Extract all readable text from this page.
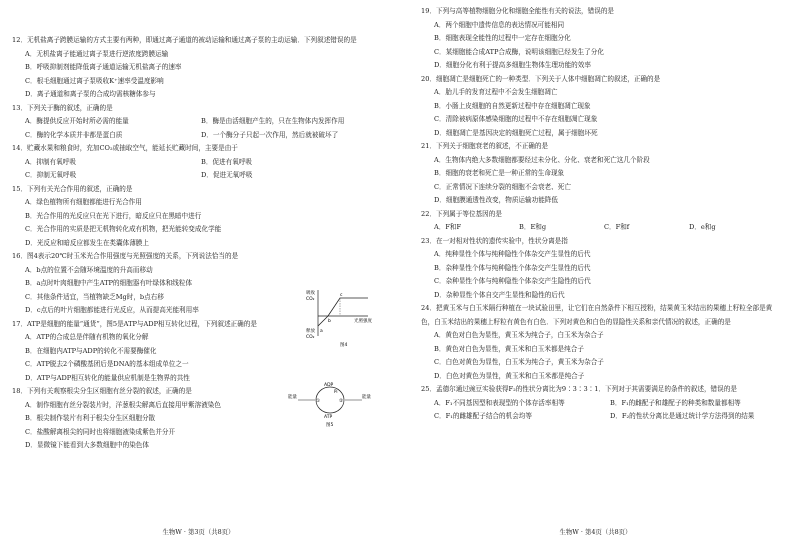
12．无机盐离子跨膜运输的方式主要有两种，即通过离子通道的被动运输和通过离子泵的主动运输．下列叙述错误的是
A．无机盐离子能通过离子泵进行逆浓度跨膜运输
B．呼吸抑制剂能降低离子通道运输无机盐离子的速率
C．根毛细胞通过离子泵吸收K⁺速率受温度影响
D．离子通道和离子泵的合成均需核糖体参与
13．下列关于酶的叙述，正确的是
A．酶提供反应开始时所必需的能量	B．酶是由活细胞产生的，只在生物体内发挥作用
C．酶的化学本质并非都是蛋白质	D．一个酶分子只起一次作用，然后就被破坏了
14．贮藏水果和粮食时，充加CO₂或抽取空气，能延长贮藏时间，主要是由于
A．抑制有氧呼吸	B．促进有氧呼吸
C．抑制无氧呼吸	D．促进无氧呼吸
15．下列有关光合作用的叙述，正确的是
A．绿色植物所有细胞都能进行光合作用
B．光合作用的光反应只在光下进行，暗反应只在黑暗中进行
C．光合作用的实质是把无机物转化成有机物，把光能转变成化学能
D．光反应和暗反应都发生在类囊体薄膜上
16．图4表示20℃时玉米光合作用强度与光照强度的关系，下列说法恰当的是
A．b点的位置不会随环境温度的升高而移动
B．a点时叶肉细胞中产生ATP的细胞器有叶绿体和线粒体
C．其他条件适宜，当植物缺乏Mg时，b点右移
D．c点后的叶片细胞都能进行光反应，从而提高光能利用率
17．ATP是细胞的能量“通货”，图5是ATP与ADP相互转化过程，下列叙述正确的是
A．ATP的合成总是伴随有机物的氧化分解
B．在细胞内ATP与ADP的转化不需要酶催化
C．ATP脱去2个磷酸基团后是DNA的基本组成单位之一
D．ATP与ADP相互转化的能量供应机制是生物界的共性
18．下列有关观察根尖分生区细胞有丝分裂的叙述，正确的是
A．制作细胞有丝分裂装片时，洋葱根尖解离后直接用甲紫溶液染色
B．根尖制作装片有利于根尖分生区细胞分散
C．盐酸解离根尖的同时也将细胞液染成紫色并分开
D．显微镜下能看到大多数细胞中的染色体
吸收
CO₂
释放
CO₂
光照强度
a
b
c
图4
ADP
ATP
①	②
Pi
能量	能量
图5
生物W · 第3页（共8页）
19．下列与高等植物细胞分化和细胞全能性有关的说法，错误的是
A．两个细胞中遗传信息的表达情况可能相同
B．细胞表现全能性的过程中一定存在细胞分化
C．某细胞能合成ATP合成酶，说明该细胞已经发生了分化
D．细胞分化有利于提高多细胞生物体生理功能的效率
20．细胞凋亡是细胞死亡的一种类型．下列关于人体中细胞凋亡的叙述，正确的是
A．胎儿手的发育过程中不会发生细胞凋亡
B．小肠上皮细胞的自然更新过程中存在细胞凋亡现象
C．清除被病原体感染细胞的过程中不存在细胞凋亡现象
D．细胞凋亡是基因决定的细胞死亡过程，属于细胞坏死
21．下列关于细胞衰老的叙述，不正确的是
A．生物体内绝大多数细胞都要经过未分化、分化、衰老和死亡这几个阶段
B．细胞的衰老和死亡是一种正常的生命现象
C．正常情况下连续分裂的细胞不会衰老、死亡
D．细胞膜通透性改变，物质运输功能降低
22．下列属于等位基因的是
A．F和F	B．E和g	C．F和f	D．e和g
23．在一对相对性状的遗传实验中，性状分离是指
A．纯种显性个体与纯种隐性个体杂交产生显性的后代
B．杂种显性个体与纯种隐性个体杂交产生显性的后代
C．杂种显性个体与纯种隐性个体杂交产生隐性的后代
D．杂种显性个体自交产生显性和隐性的后代
24．把黄玉米与白玉米隔行种植在一块试验田里，让它们在自然条件下相互授粉，结果黄玉米结出的果穗上籽粒全部是黄色，白玉米结出的果穗上籽粒有黄色有白色．下列对黄色和白色的显隐性关系和亲代情况的叙述，正确的是
A．黄色对白色为显性，黄玉米为纯合子，白玉米为杂合子
B．黄色对白色为显性，黄玉米和白玉米都是纯合子
C．白色对黄色为显性，白玉米为纯合子，黄玉米为杂合子
D．白色对黄色为显性，黄玉米和白玉米都是纯合子
25．孟德尔通过豌豆实验获得F₂的性状分离比为9∶3∶3∶1．下列对于其需要满足的条件的叙述，错误的是
A．F₁不同基因型和表现型的个体存活率相等	B．F₁的雌配子和雄配子的种类和数量都相等
C．F₁的雌雄配子结合的机会均等	D．F₂的性状分离比是通过统计学方法得到的结果
生物W · 第4页（共8页）
